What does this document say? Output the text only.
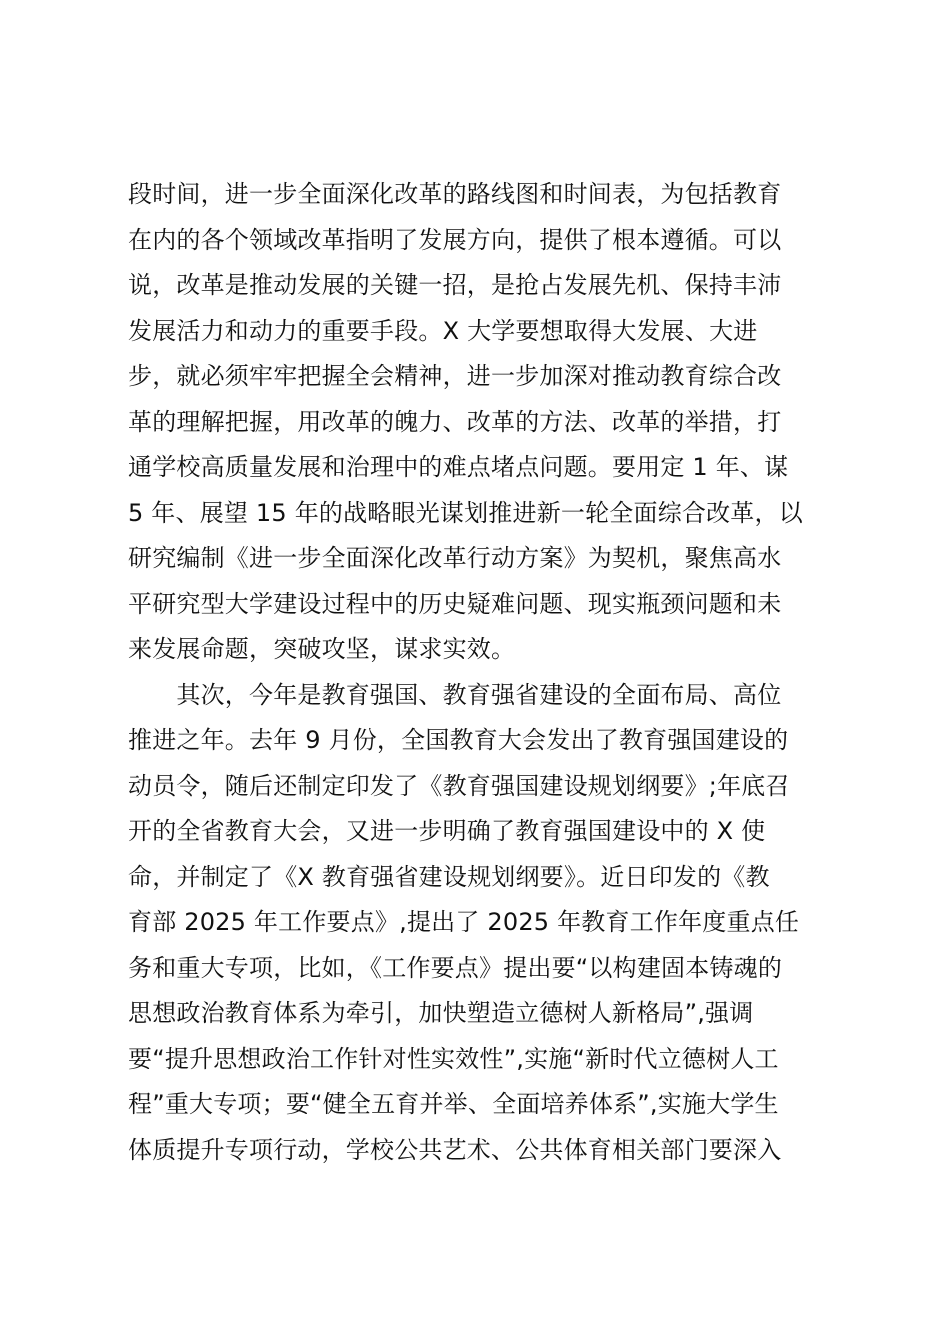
段时间，进一步全面深化改革的路线图和时间表，为包括教育
在内的各个领域改革指明了发展方向，提供了根本遵循。可以
说，改革是推动发展的关键一招，是抢占发展先机、保持丰沛
发展活力和动力的重要手段。X 大学要想取得大发展、大进
步，就必须牢牢把握全会精神，进一步加深对推动教育综合改
革的理解把握，用改革的魄力、改革的方法、改革的举措，打
通学校高质量发展和治理中的难点堵点问题。要用定 1 年、谋
5 年、展望 15 年的战略眼光谋划推进新一轮全面综合改革，以
研究编制《进一步全面深化改革行动方案》为契机，聚焦高水
平研究型大学建设过程中的历史疑难问题、现实瓶颈问题和未
来发展命题，突破攻坚，谋求实效。
　　其次，今年是教育强国、教育强省建设的全面布局、高位
推进之年。去年 9 月份，全国教育大会发出了教育强国建设的
动员令，随后还制定印发了《教育强国建设规划纲要》;年底召
开的全省教育大会，又进一步明确了教育强国建设中的 X 使
命，并制定了《X 教育强省建设规划纲要》。近日印发的《教
育部 2025 年工作要点》,提出了 2025 年教育工作年度重点任
务和重大专项，比如，《工作要点》提出要“以构建固本铸魂的
思想政治教育体系为牵引，加快塑造立德树人新格局”,强调
要“提升思想政治工作针对性实效性”,实施“新时代立德树人工
程”重大专项；要“健全五育并举、全面培养体系”,实施大学生
体质提升专项行动，学校公共艺术、公共体育相关部门要深入
